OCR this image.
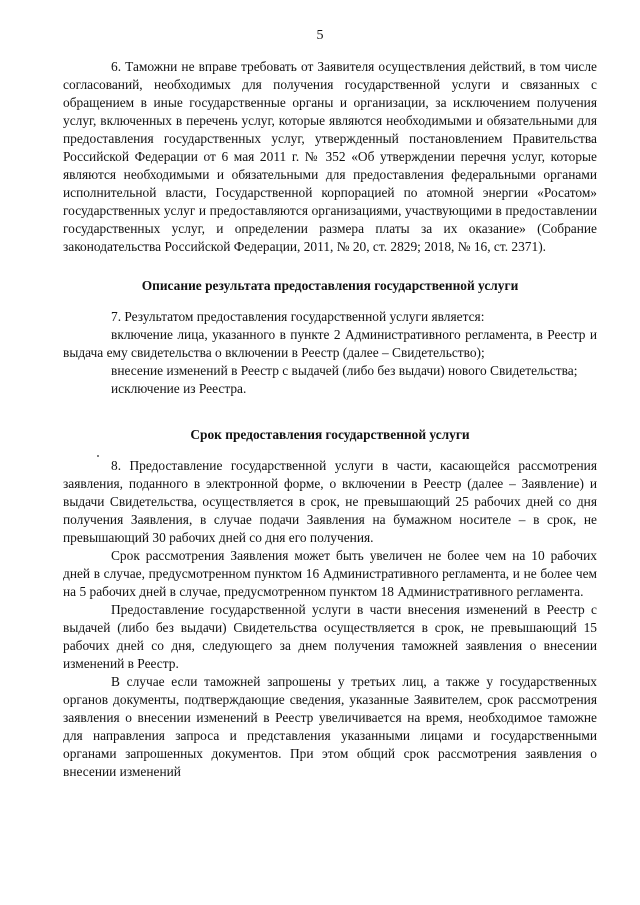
5

6. Таможни не вправе требовать от Заявителя осуществления действий, в том числе согласований, необходимых для получения государственной услуги и связанных с обращением в иные государственные органы и организации, за исключением получения услуг, включенных в перечень услуг, которые являются необходимыми и обязательными для предоставления государственных услуг, утвержденный постановлением Правительства Российской Федерации от 6 мая 2011 г. № 352 «Об утверждении перечня услуг, которые являются необходимыми и обязательными для предоставления федеральными органами исполнительной власти, Государственной корпорацией по атомной энергии «Росатом» государственных услуг и предоставляются организациями, участвующими в предоставлении государственных услуг, и определении размера платы за их оказание» (Собрание законодательства Российской Федерации, 2011, № 20, ст. 2829; 2018, № 16, ст. 2371).

Описание результата предоставления государственной услуги

7. Результатом предоставления государственной услуги является:

включение лица, указанного в пункте 2 Административного регламента, в Реестр и выдача ему свидетельства о включении в Реестр (далее – Свидетельство);

внесение изменений в Реестр с выдачей (либо без выдачи) нового Свидетельства;

исключение из Реестра.

Срок предоставления государственной услуги

8. Предоставление государственной услуги в части, касающейся рассмотрения заявления, поданного в электронной форме, о включении в Реестр (далее – Заявление) и выдачи Свидетельства, осуществляется в срок, не превышающий 25 рабочих дней со дня получения Заявления, в случае подачи Заявления на бумажном носителе – в срок, не превышающий 30 рабочих дней со дня его получения.

Срок рассмотрения Заявления может быть увеличен не более чем на 10 рабочих дней в случае, предусмотренном пунктом 16 Административного регламента, и не более чем на 5 рабочих дней в случае, предусмотренном пунктом 18 Административного регламента.

Предоставление государственной услуги в части внесения изменений в Реестр с выдачей (либо без выдачи) Свидетельства осуществляется в срок, не превышающий 15 рабочих дней со дня, следующего за днем получения таможней заявления о внесении изменений в Реестр.

В случае если таможней запрошены у третьих лиц, а также у государственных органов документы, подтверждающие сведения, указанные Заявителем, срок рассмотрения заявления о внесении изменений в Реестр увеличивается на время, необходимое таможне для направления запроса и представления указанными лицами и государственными органами запрошенных документов. При этом общий срок рассмотрения заявления о внесении изменений
